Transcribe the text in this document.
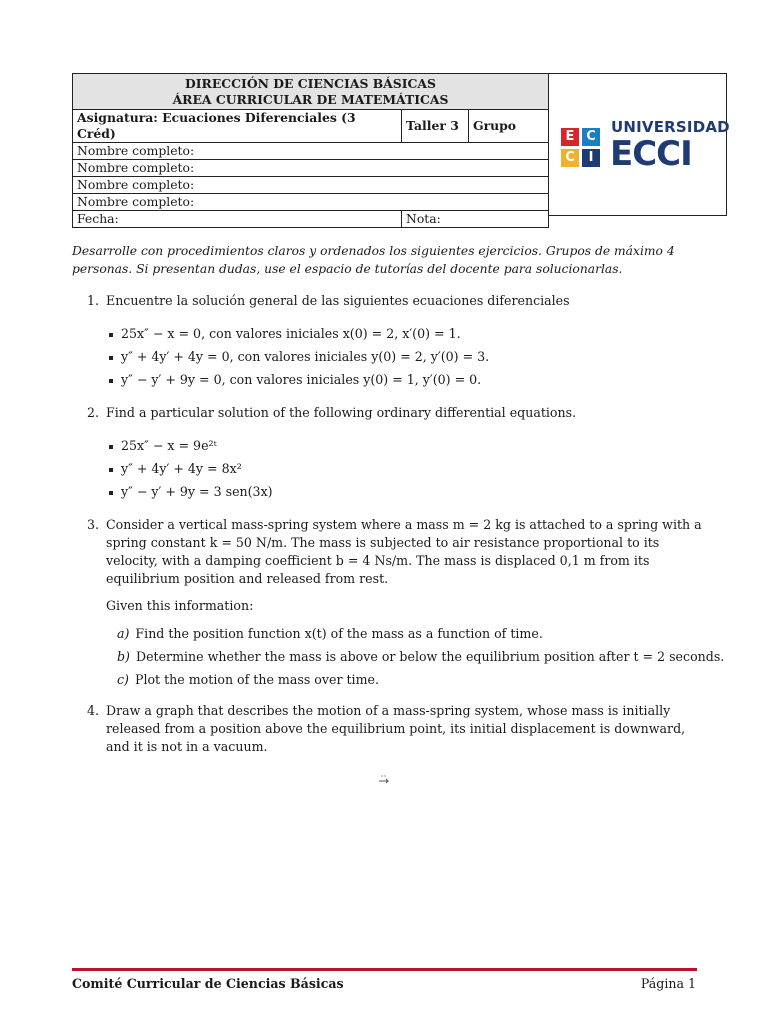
DIRECCIÓN DE CIENCIAS BÁSICAS
ÁREA CURRICULAR DE MATEMÁTICAS		

Asignatura: Ecuaciones Diferenciales (3 Créd)	Taller 3	Grupo
Nombre completo:		
Nombre completo:		
Nombre completo:		
Nombre completo:		
Fecha:	Nota:	
E C
C	I
UNIVERSIDAD
ECCI
Desarrolle con procedimientos claros y ordenados los siguientes ejercicios. Grupos de máximo 4 personas. Si presentan dudas, use el espacio de tutorías del docente para solucionarlas.
1. Encuentre la solución general de las siguientes ecuaciones diferenciales
25x″ − x = 0, con valores iniciales x(0) = 2, x′(0) = 1.
y″ + 4y′ + 4y = 0, con valores iniciales y(0) = 2, y′(0) = 3.
y″ − y′ + 9y = 0, con valores iniciales y(0) = 1, y′(0) = 0.
2. Find a particular solution of the following ordinary differential equations.
25x″ − x = 9e²ᵗ
y″ + 4y′ + 4y = 8x²
y″ − y′ + 9y = 3 sen(3x)
3. Consider a vertical mass-spring system where a mass m = 2 kg is attached to a spring with a spring constant k = 50 N/m. The mass is subjected to air resistance proportional to its velocity, with a damping coefficient b = 4 Ns/m. The mass is displaced 0,1 m from its equilibrium position and released from rest.
Given this information:
a) Find the position function x(t) of the mass as a function of time.
b) Determine whether the mass is above or below the equilibrium position after t = 2 seconds.
c) Plot the motion of the mass over time.
4. Draw a graph that describes the motion of a mass-spring system, whose mass is initially released from a position above the equilibrium point, its initial displacement is downward, and it is not in a vacuum.
Comité Curricular de Ciencias Básicas	Página 1
